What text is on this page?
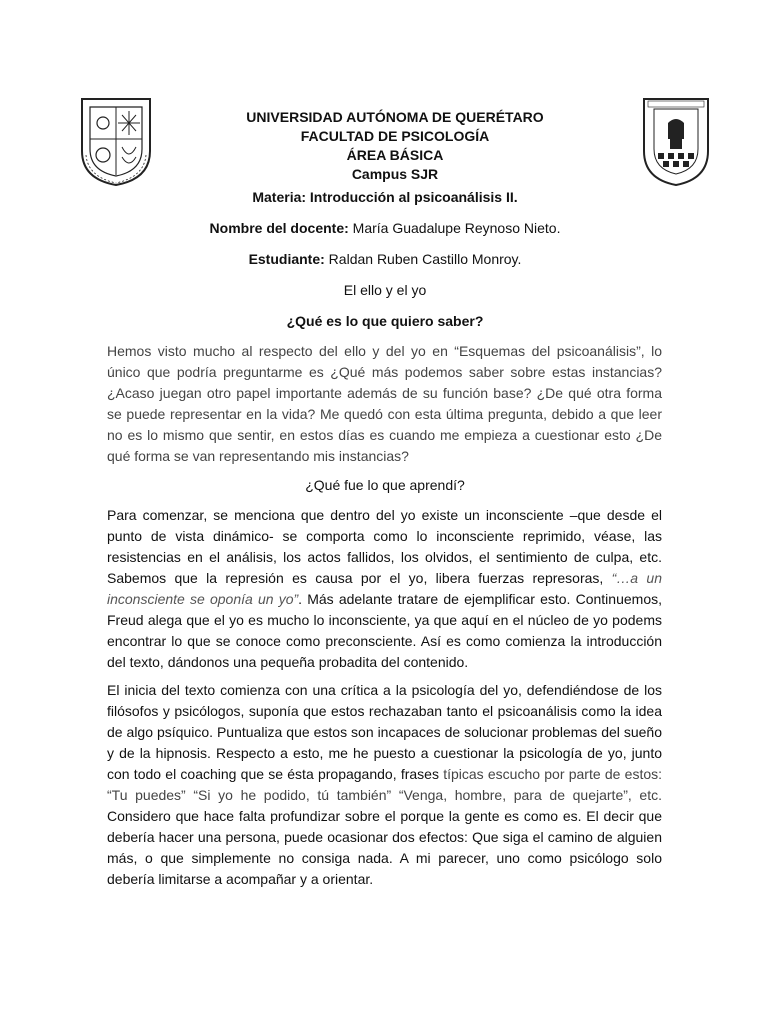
UNIVERSIDAD AUTÓNOMA DE QUERÉTARO
FACULTAD DE PSICOLOGÍA
ÁREA BÁSICA
Campus SJR
Materia: Introducción al psicoanálisis II.
Nombre del docente: María Guadalupe Reynoso Nieto.
Estudiante: Raldan Ruben Castillo Monroy.
El ello y el yo
¿Qué es lo que quiero saber?

Hemos visto mucho al respecto del ello y del yo en “Esquemas del psicoanálisis”, lo único que podría preguntarme es ¿Qué más podemos saber sobre estas instancias? ¿Acaso juegan otro papel importante además de su función base? ¿De qué otra forma se puede representar en la vida? Me quedó con esta última pregunta, debido a que leer no es lo mismo que sentir, en estos días es cuando me empieza a cuestionar esto ¿De qué forma se van representando mis instancias?

¿Qué fue lo que aprendí?

Para comenzar, se menciona que dentro del yo existe un inconsciente –que desde el punto de vista dinámico- se comporta como lo inconsciente reprimido, véase, las resistencias en el análisis, los actos fallidos, los olvidos, el sentimiento de culpa, etc. Sabemos que la represión es causa por el yo, libera fuerzas represoras, “…a un inconsciente se oponía un yo”. Más adelante tratare de ejemplificar esto. Continuemos, Freud alega que el yo es mucho lo inconsciente, ya que aquí en el núcleo de yo podems encontrar lo que se conoce como preconsciente. Así es como comienza la introducción del texto, dándonos una pequeña probadita del contenido.

El inicia del texto comienza con una crítica a la psicología del yo, defendiéndose de los filósofos y psicólogos, suponía que estos rechazaban tanto el psicoanálisis como la idea de algo psíquico. Puntualiza que estos son incapaces de solucionar problemas del sueño y de la hipnosis. Respecto a esto, me he puesto a cuestionar la psicología de yo, junto con todo el coaching que se ésta propagando, frases típicas escucho por parte de estos: “Tu puedes” “Si yo he podido, tú también” “Venga, hombre, para de quejarte”, etc. Considero que hace falta profundizar sobre el porque la gente es como es. El decir que debería hacer una persona, puede ocasionar dos efectos: Que siga el camino de alguien más, o que simplemente no consiga nada. A mi parecer, uno como psicólogo solo debería limitarse a acompañar y a orientar.
